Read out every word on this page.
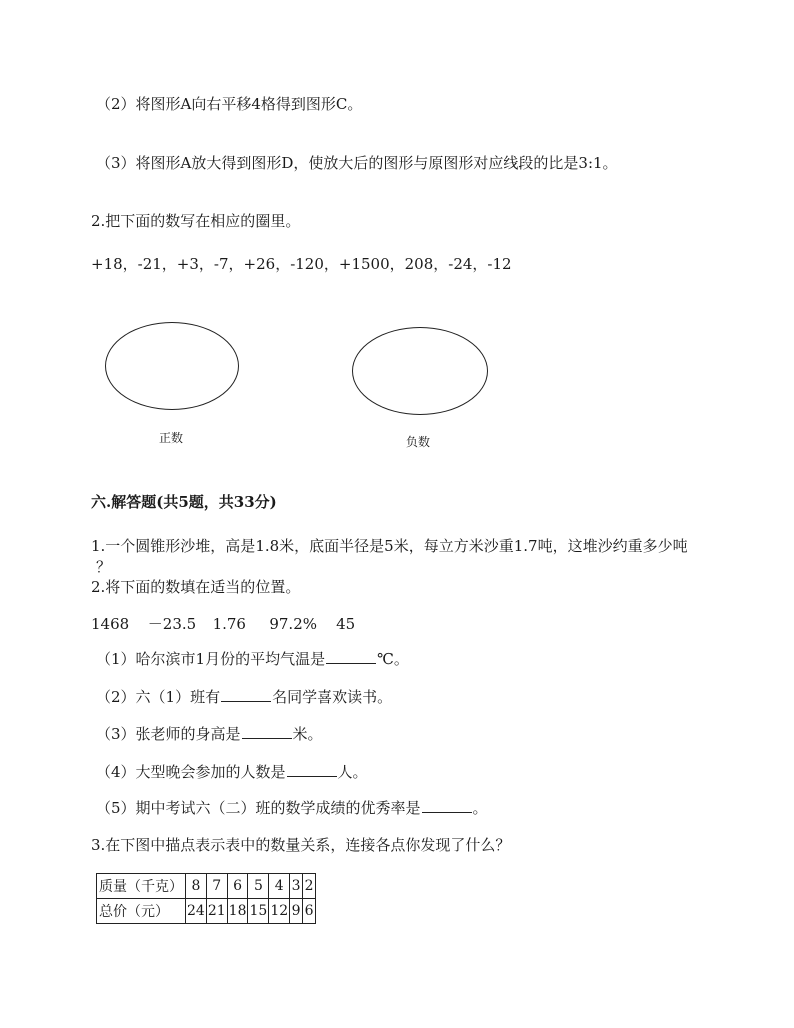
（2）将图形A向右平移4格得到图形C。
（3）将图形A放大得到图形D，使放大后的图形与原图形对应线段的比是3:1。
2.把下面的数写在相应的圈里。
+18，-21，+3，-7，+26，-120，+1500，208，-24，-12
正数	负数
六.解答题(共5题，共33分)
1.一个圆锥形沙堆，高是1.8米，底面半径是5米，每立方米沙重1.7吨，这堆沙约重多少吨
？
2.将下面的数填在适当的位置。
1468 －23.5 1.76 97.2% 45
（1）哈尔滨市1月份的平均气温是	℃。
（2）六（1）班有	名同学喜欢读书。
（3）张老师的身高是	米。
（4）大型晚会参加的人数是	人。
（5）期中考试六（二）班的数学成绩的优秀率是	。
3.在下图中描点表示表中的数量关系，连接各点你发现了什么？
质量（千克）	8	7	6	5	4	3	2
总价（元）	24	21	18	15	12	9	6
